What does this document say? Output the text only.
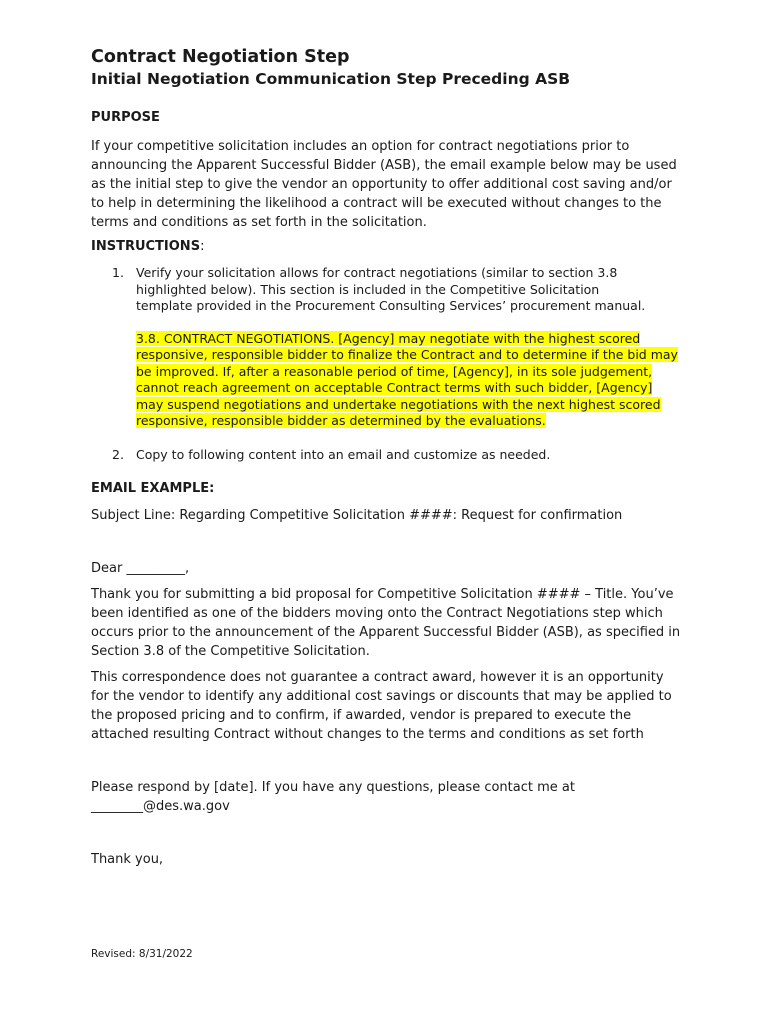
Contract Negotiation Step
Initial Negotiation Communication Step Preceding ASB
PURPOSE

If your competitive solicitation includes an option for contract negotiations prior to announcing the Apparent Successful Bidder (ASB), the email example below may be used as the initial step to give the vendor an opportunity to offer additional cost saving and/or to help in determining the likelihood a contract will be executed without changes to the terms and conditions as set forth in the solicitation.

INSTRUCTIONS:
1. Verify your solicitation allows for contract negotiations (similar to section 3.8 highlighted below). This section is included in the Competitive Solicitation template provided in the Procurement Consulting Services’ procurement manual.
3.8. CONTRACT NEGOTIATIONS. [Agency] may negotiate with the highest scored responsive, responsible bidder to finalize the Contract and to determine if the bid may be improved. If, after a reasonable period of time, [Agency], in its sole judgement, cannot reach agreement on acceptable Contract terms with such bidder, [Agency] may suspend negotiations and undertake negotiations with the next highest scored responsive, responsible bidder as determined by the evaluations.
2. Copy to following content into an email and customize as needed.
EMAIL EXAMPLE:

Subject Line: Regarding Competitive Solicitation ####: Request for confirmation

Dear _________,

Thank you for submitting a bid proposal for Competitive Solicitation #### – Title. You’ve been identified as one of the bidders moving onto the Contract Negotiations step which occurs prior to the announcement of the Apparent Successful Bidder (ASB), as specified in Section 3.8 of the Competitive Solicitation.

This correspondence does not guarantee a contract award, however it is an opportunity for the vendor to identify any additional cost savings or discounts that may be applied to the proposed pricing and to confirm, if awarded, vendor is prepared to execute the attached resulting Contract without changes to the terms and conditions as set forth

Please respond by [date]. If you have any questions, please contact me at ________@des.wa.gov

Thank you,

Revised: 8/31/2022
